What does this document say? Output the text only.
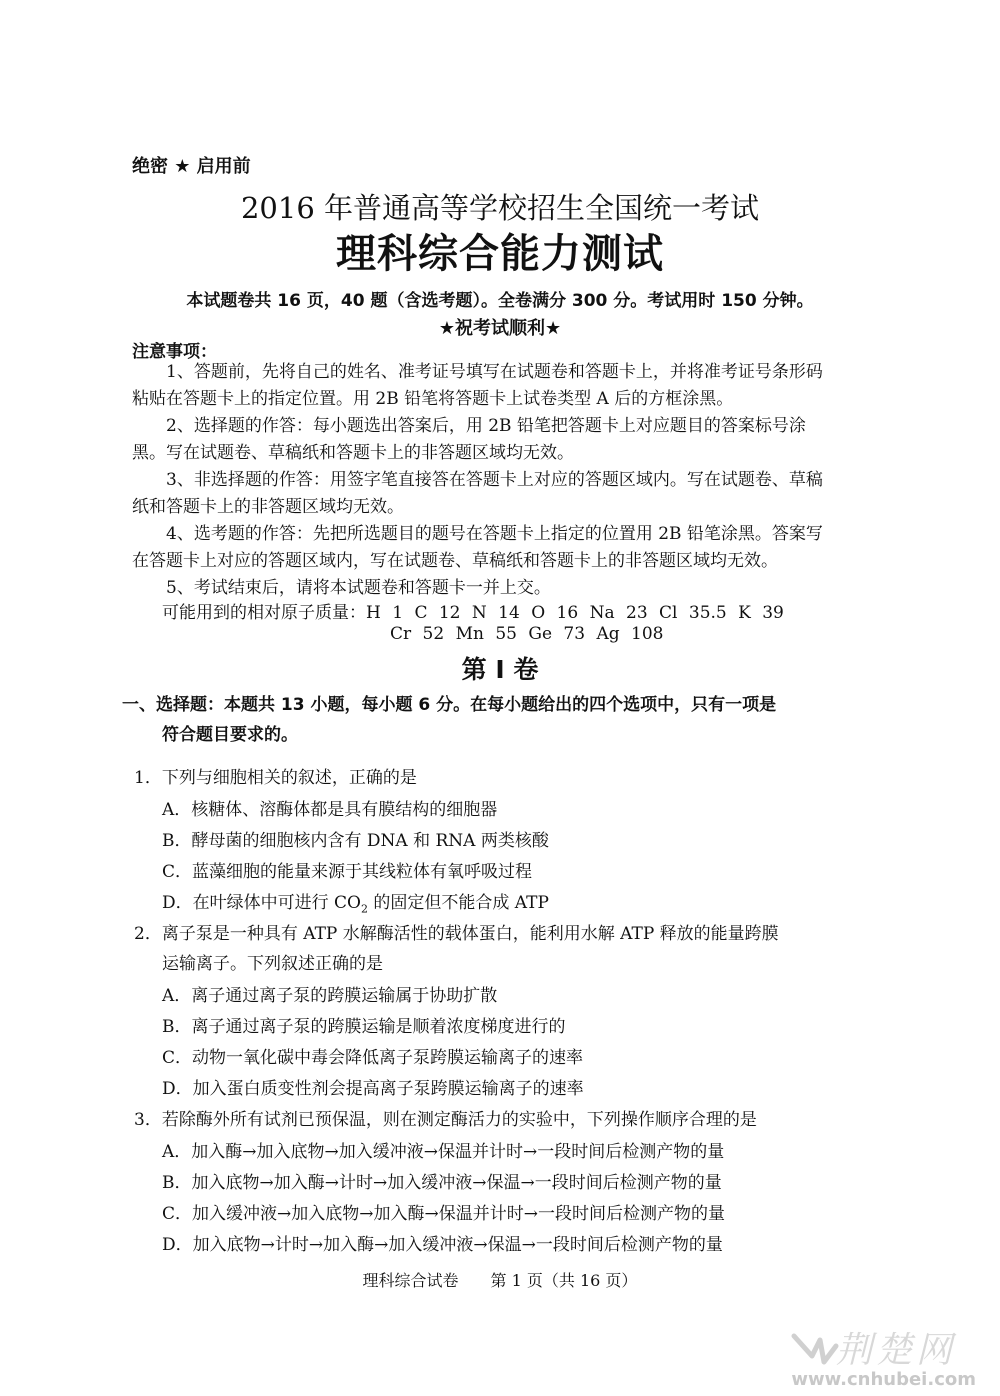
绝密 ★ 启用前
2016 年普通高等学校招生全国统一考试
理科综合能力测试
本试题卷共 16 页，40 题（含选考题）。全卷满分 300 分。考试用时 150 分钟。
★祝考试顺利★
注意事项：
1、答题前，先将自己的姓名、准考证号填写在试题卷和答题卡上，并将准考证号条形码粘贴在答题卡上的指定位置。用 2B 铅笔将答题卡上试卷类型 A 后的方框涂黑。
2、选择题的作答：每小题选出答案后，用 2B 铅笔把答题卡上对应题目的答案标号涂黑。写在试题卷、草稿纸和答题卡上的非答题区域均无效。
3、非选择题的作答：用签字笔直接答在答题卡上对应的答题区域内。写在试题卷、草稿纸和答题卡上的非答题区域均无效。
4、选考题的作答：先把所选题目的题号在答题卡上指定的位置用 2B 铅笔涂黑。答案写在答题卡上对应的答题区域内，写在试题卷、草稿纸和答题卡上的非答题区域均无效。
5、考试结束后，请将本试题卷和答题卡一并上交。
可能用到的相对原子质量：H 1 C 12 N 14 O 16 Na 23 Cl 35.5 K 39
Cr 52 Mn 55 Ge 73 Ag 108
第 I 卷
一、选择题：本题共 13 小题，每小题 6 分。在每小题给出的四个选项中，只有一项是
符合题目要求的。
1．下列与细胞相关的叙述，正确的是
A．核糖体、溶酶体都是具有膜结构的细胞器
B．酵母菌的细胞核内含有 DNA 和 RNA 两类核酸
C．蓝藻细胞的能量来源于其线粒体有氧呼吸过程
D．在叶绿体中可进行 $CO_2$ 的固定但不能合成 ATP
2．离子泵是一种具有 ATP 水解酶活性的载体蛋白，能利用水解 ATP 释放的能量跨膜
运输离子。下列叙述正确的是
A．离子通过离子泵的跨膜运输属于协助扩散
B．离子通过离子泵的跨膜运输是顺着浓度梯度进行的
C．动物一氧化碳中毒会降低离子泵跨膜运输离子的速率
D．加入蛋白质变性剂会提高离子泵跨膜运输离子的速率
3．若除酶外所有试剂已预保温，则在测定酶活力的实验中，下列操作顺序合理的是
A．加入酶→加入底物→加入缓冲液→保温并计时→一段时间后检测产物的量
B．加入底物→加入酶→计时→加入缓冲液→保温→一段时间后检测产物的量
C．加入缓冲液→加入底物→加入酶→保温并计时→一段时间后检测产物的量
D．加入底物→计时→加入酶→加入缓冲液→保温→一段时间后检测产物的量
理科综合试卷　　第 1 页（共 16 页）
荆楚网
www.cnhubei.com
